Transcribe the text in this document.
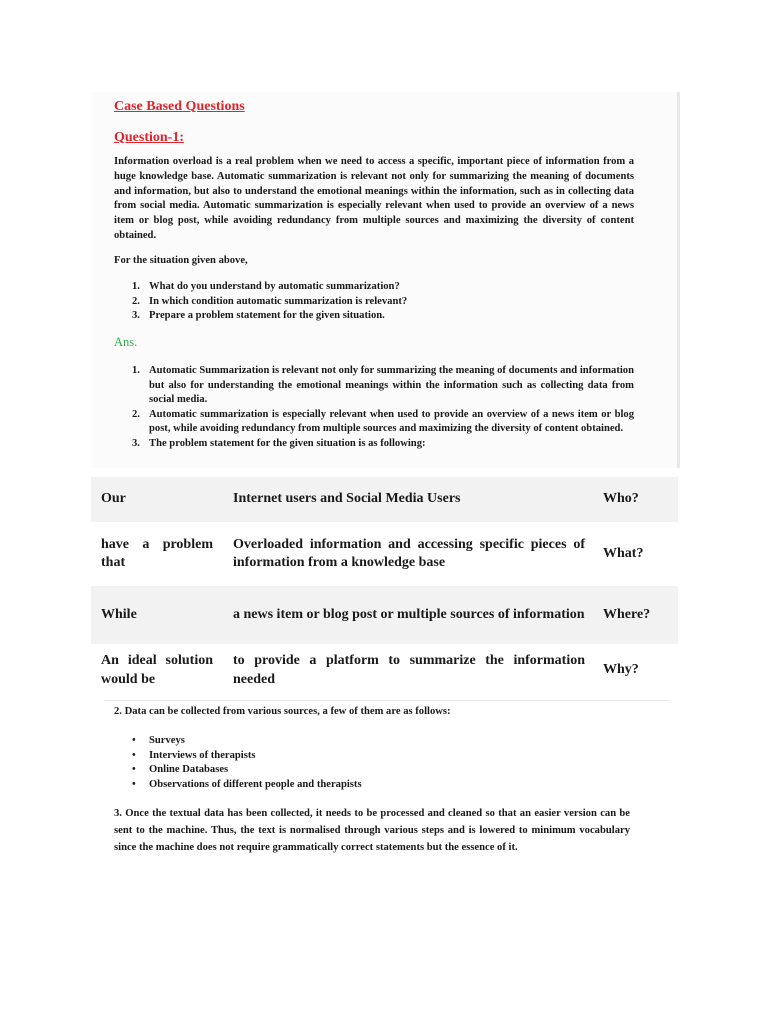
Case Based Questions
Question-1:

Information overload is a real problem when we need to access a specific, important piece of information from a huge knowledge base. Automatic summarization is relevant not only for summarizing the meaning of documents and information, but also to understand the emotional meanings within the information, such as in collecting data from social media. Automatic summarization is especially relevant when used to provide an overview of a news item or blog post, while avoiding redundancy from multiple sources and maximizing the diversity of content obtained.

For the situation given above,
1. What do you understand by automatic summarization?
2. In which condition automatic summarization is relevant?
3. Prepare a problem statement for the given situation.
Ans.
1. Automatic Summarization is relevant not only for summarizing the meaning of documents and information but also for understanding the emotional meanings within the information such as collecting data from social media.
2. Automatic summarization is especially relevant when used to provide an overview of a news item or blog post, while avoiding redundancy from multiple sources and maximizing the diversity of content obtained.
3. The problem statement for the given situation is as following:
Our	Internet users and Social Media Users	Who?
have a problem that	Overloaded information and accessing specific pieces of information from a knowledge base	What?
While	a news item or blog post or multiple sources of information	Where?
An ideal solution would be	to provide a platform to summarize the information needed	Why?
2. Data can be collected from various sources, a few of them are as follows:
• Surveys
• Interviews of therapists
• Online Databases
• Observations of different people and therapists

3. Once the textual data has been collected, it needs to be processed and cleaned so that an easier version can be sent to the machine. Thus, the text is normalised through various steps and is lowered to minimum vocabulary since the machine does not require grammatically correct statements but the essence of it.
